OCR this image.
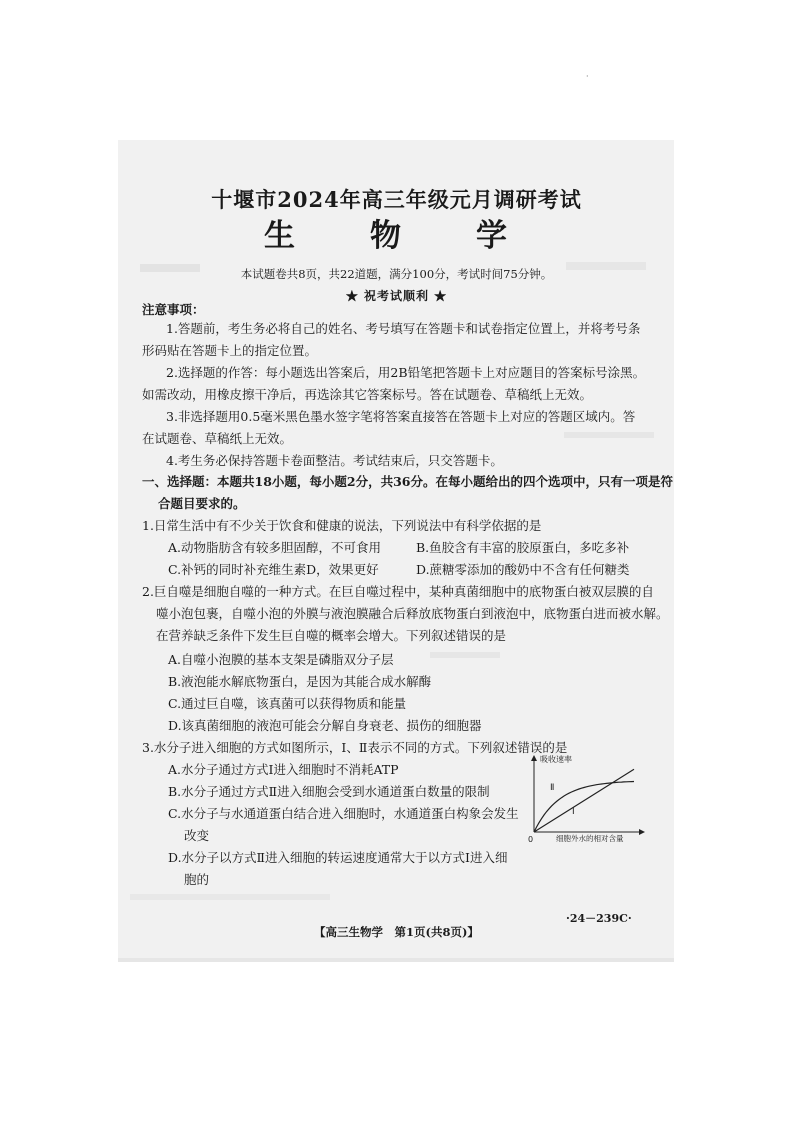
·
十堰市2024年高三年级元月调研考试
生　物　学
本试题卷共8页，共22道题，满分100分，考试时间75分钟。
★ 祝考试顺利 ★
注意事项：

1.答题前，考生务必将自己的姓名、考号填写在答题卡和试卷指定位置上，并将考号条形码贴在答题卡上的指定位置。

2.选择题的作答：每小题选出答案后，用2B铅笔把答题卡上对应题目的答案标号涂黑。如需改动，用橡皮擦干净后，再选涂其它答案标号。答在试题卷、草稿纸上无效。

3.非选择题用0.5毫米黑色墨水签字笔将答案直接答在答题卡上对应的答题区域内。答在试题卷、草稿纸上无效。

4.考生务必保持答题卡卷面整洁。考试结束后，只交答题卡。

一、选择题：本题共18小题，每小题2分，共36分。在每小题给出的四个选项中，只有一项是符
合题目要求的。
1.日常生活中有不少关于饮食和健康的说法，下列说法中有科学依据的是
A.动物脂肪含有较多胆固醇，不可食用	B.鱼胶含有丰富的胶原蛋白，多吃多补
C.补钙的同时补充维生素D，效果更好	D.蔗糖零添加的酸奶中不含有任何糖类
2.巨自噬是细胞自噬的一种方式。在巨自噬过程中，某种真菌细胞中的底物蛋白被双层膜的自
噬小泡包裹，自噬小泡的外膜与液泡膜融合后释放底物蛋白到液泡中，底物蛋白进而被水解。
在营养缺乏条件下发生巨自噬的概率会增大。下列叙述错误的是
A.自噬小泡膜的基本支架是磷脂双分子层
B.液泡能水解底物蛋白，是因为其能合成水解酶
C.通过巨自噬，该真菌可以获得物质和能量
D.该真菌细胞的液泡可能会分解自身衰老、损伤的细胞器
3.水分子进入细胞的方式如图所示，Ⅰ、Ⅱ表示不同的方式。下列叙述错误的是
A.水分子通过方式Ⅰ进入细胞时不消耗ATP
B.水分子通过方式Ⅱ进入细胞会受到水通道蛋白数量的限制
C.水分子与水通道蛋白结合进入细胞时，水通道蛋白构象会发生
改变
D.水分子以方式Ⅱ进入细胞的转运速度通常大于以方式Ⅰ进入细
胞的
吸收速率
0	细胞外水的相对含量
Ⅱ
Ⅰ
·24－239C·
【高三生物学　第1页(共8页)】
